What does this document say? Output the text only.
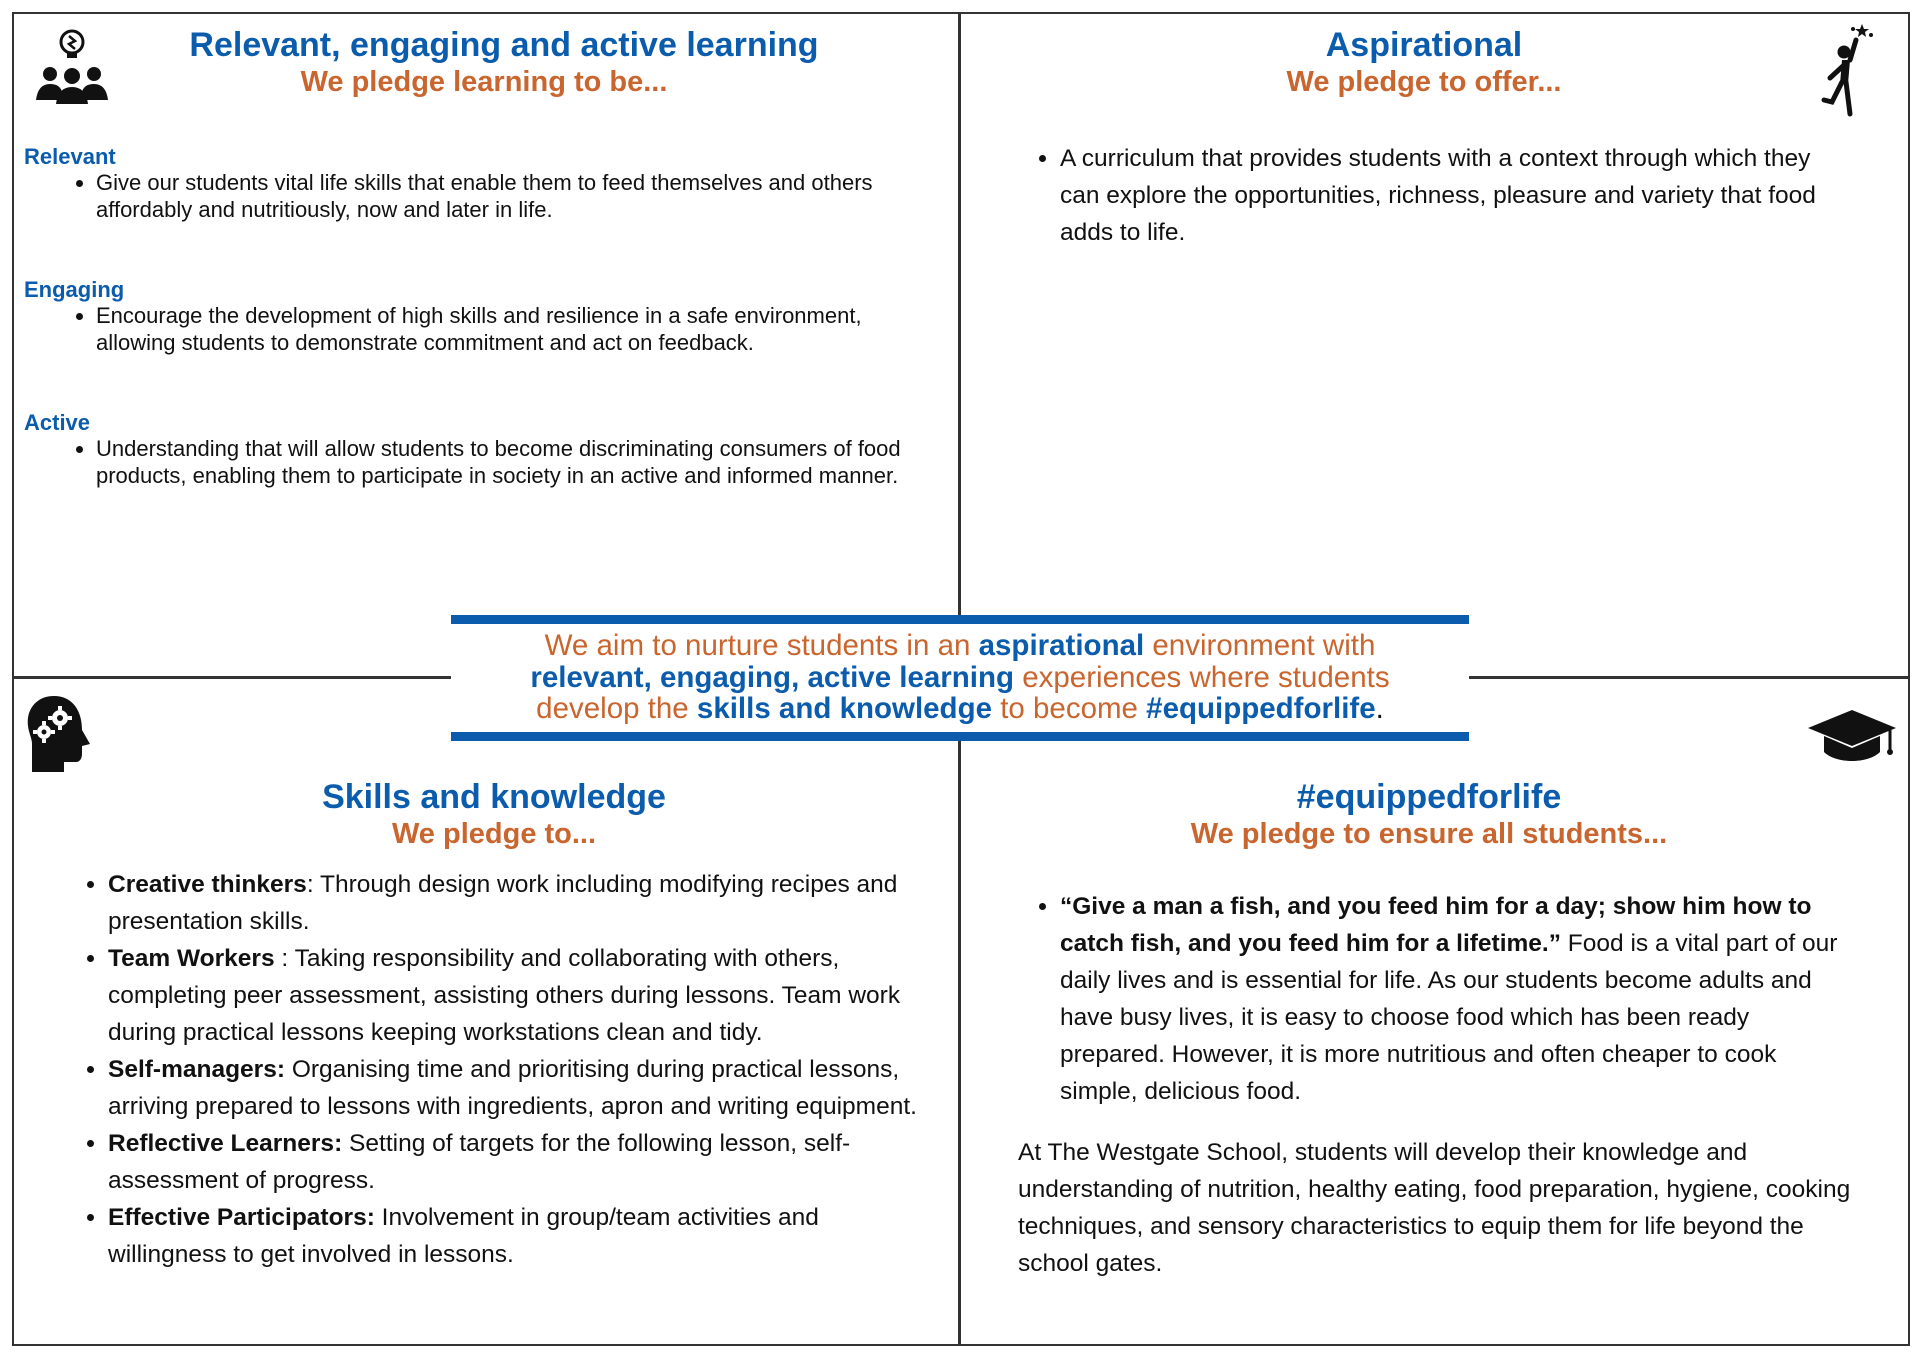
Relevant, engaging and active learning
We pledge learning to be...

Relevant

• Give our students vital life skills that enable them to feed themselves and others affordably and nutritiously, now and later in life.

Engaging

• Encourage the development of high skills and resilience in a safe environment, allowing students to demonstrate commitment and act on feedback.

Active

• Understanding that will allow students to become discriminating consumers of food products, enabling them to participate in society in an active and informed manner.
Aspirational
We pledge to offer...
• A curriculum that provides students with a context through which they can explore the opportunities, richness, pleasure and variety that food adds to life.
Skills and knowledge
We pledge to...
• Creative thinkers: Through design work including modifying recipes and presentation skills.
• Team Workers : Taking responsibility and collaborating with others, completing peer assessment, assisting others during lessons. Team work during practical lessons keeping workstations clean and tidy.
• Self-managers: Organising time and prioritising during practical lessons, arriving prepared to lessons with ingredients, apron and writing equipment.
• Reflective Learners: Setting of targets for the following lesson, self-assessment of progress.
• Effective Participators: Involvement in group/team activities and willingness to get involved in lessons.
#equippedforlife
We pledge to ensure all students...
• “Give a man a fish, and you feed him for a day; show him how to catch fish, and you feed him for a lifetime.” Food is a vital part of our daily lives and is essential for life. As our students become adults and have busy lives, it is easy to choose food which has been ready prepared. However, it is more nutritious and often cheaper to cook simple, delicious food.
At The Westgate School, students will develop their knowledge and understanding of nutrition, healthy eating, food preparation, hygiene, cooking techniques, and sensory characteristics to equip them for life beyond the school gates.
We aim to nurture students in an aspirational environment with
relevant, engaging, active learning experiences where students
develop the skills and knowledge to become #equippedforlife.
